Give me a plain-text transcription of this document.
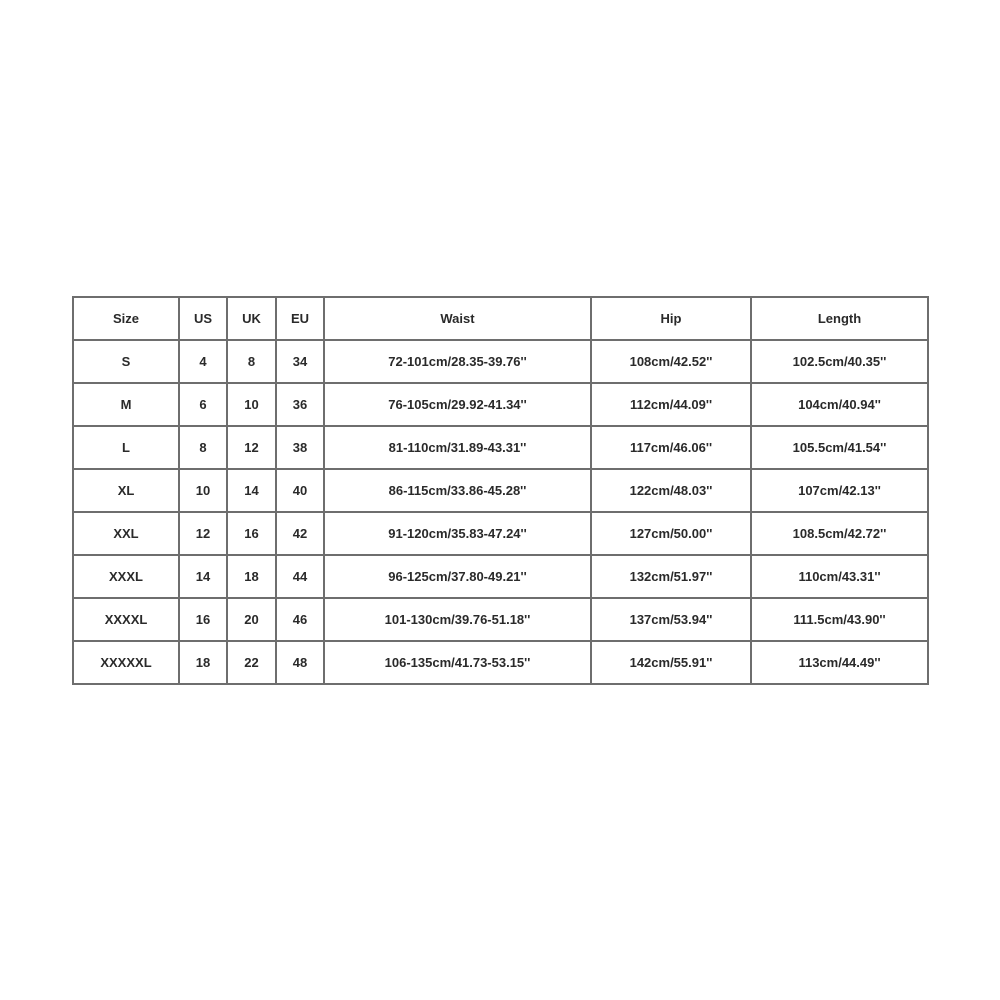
Size	US	UK	EU	Waist	Hip	Length
S	4	8	34	72-101cm/28.35-39.76''	108cm/42.52''	102.5cm/40.35''
M	6	10	36	76-105cm/29.92-41.34''	112cm/44.09''	104cm/40.94''
L	8	12	38	81-110cm/31.89-43.31''	117cm/46.06''	105.5cm/41.54''
XL	10	14	40	86-115cm/33.86-45.28''	122cm/48.03''	107cm/42.13''
XXL	12	16	42	91-120cm/35.83-47.24''	127cm/50.00''	108.5cm/42.72''
XXXL	14	18	44	96-125cm/37.80-49.21''	132cm/51.97''	110cm/43.31''
XXXXL	16	20	46	101-130cm/39.76-51.18''	137cm/53.94''	111.5cm/43.90''
XXXXXL	18	22	48	106-135cm/41.73-53.15''	142cm/55.91''	113cm/44.49''
